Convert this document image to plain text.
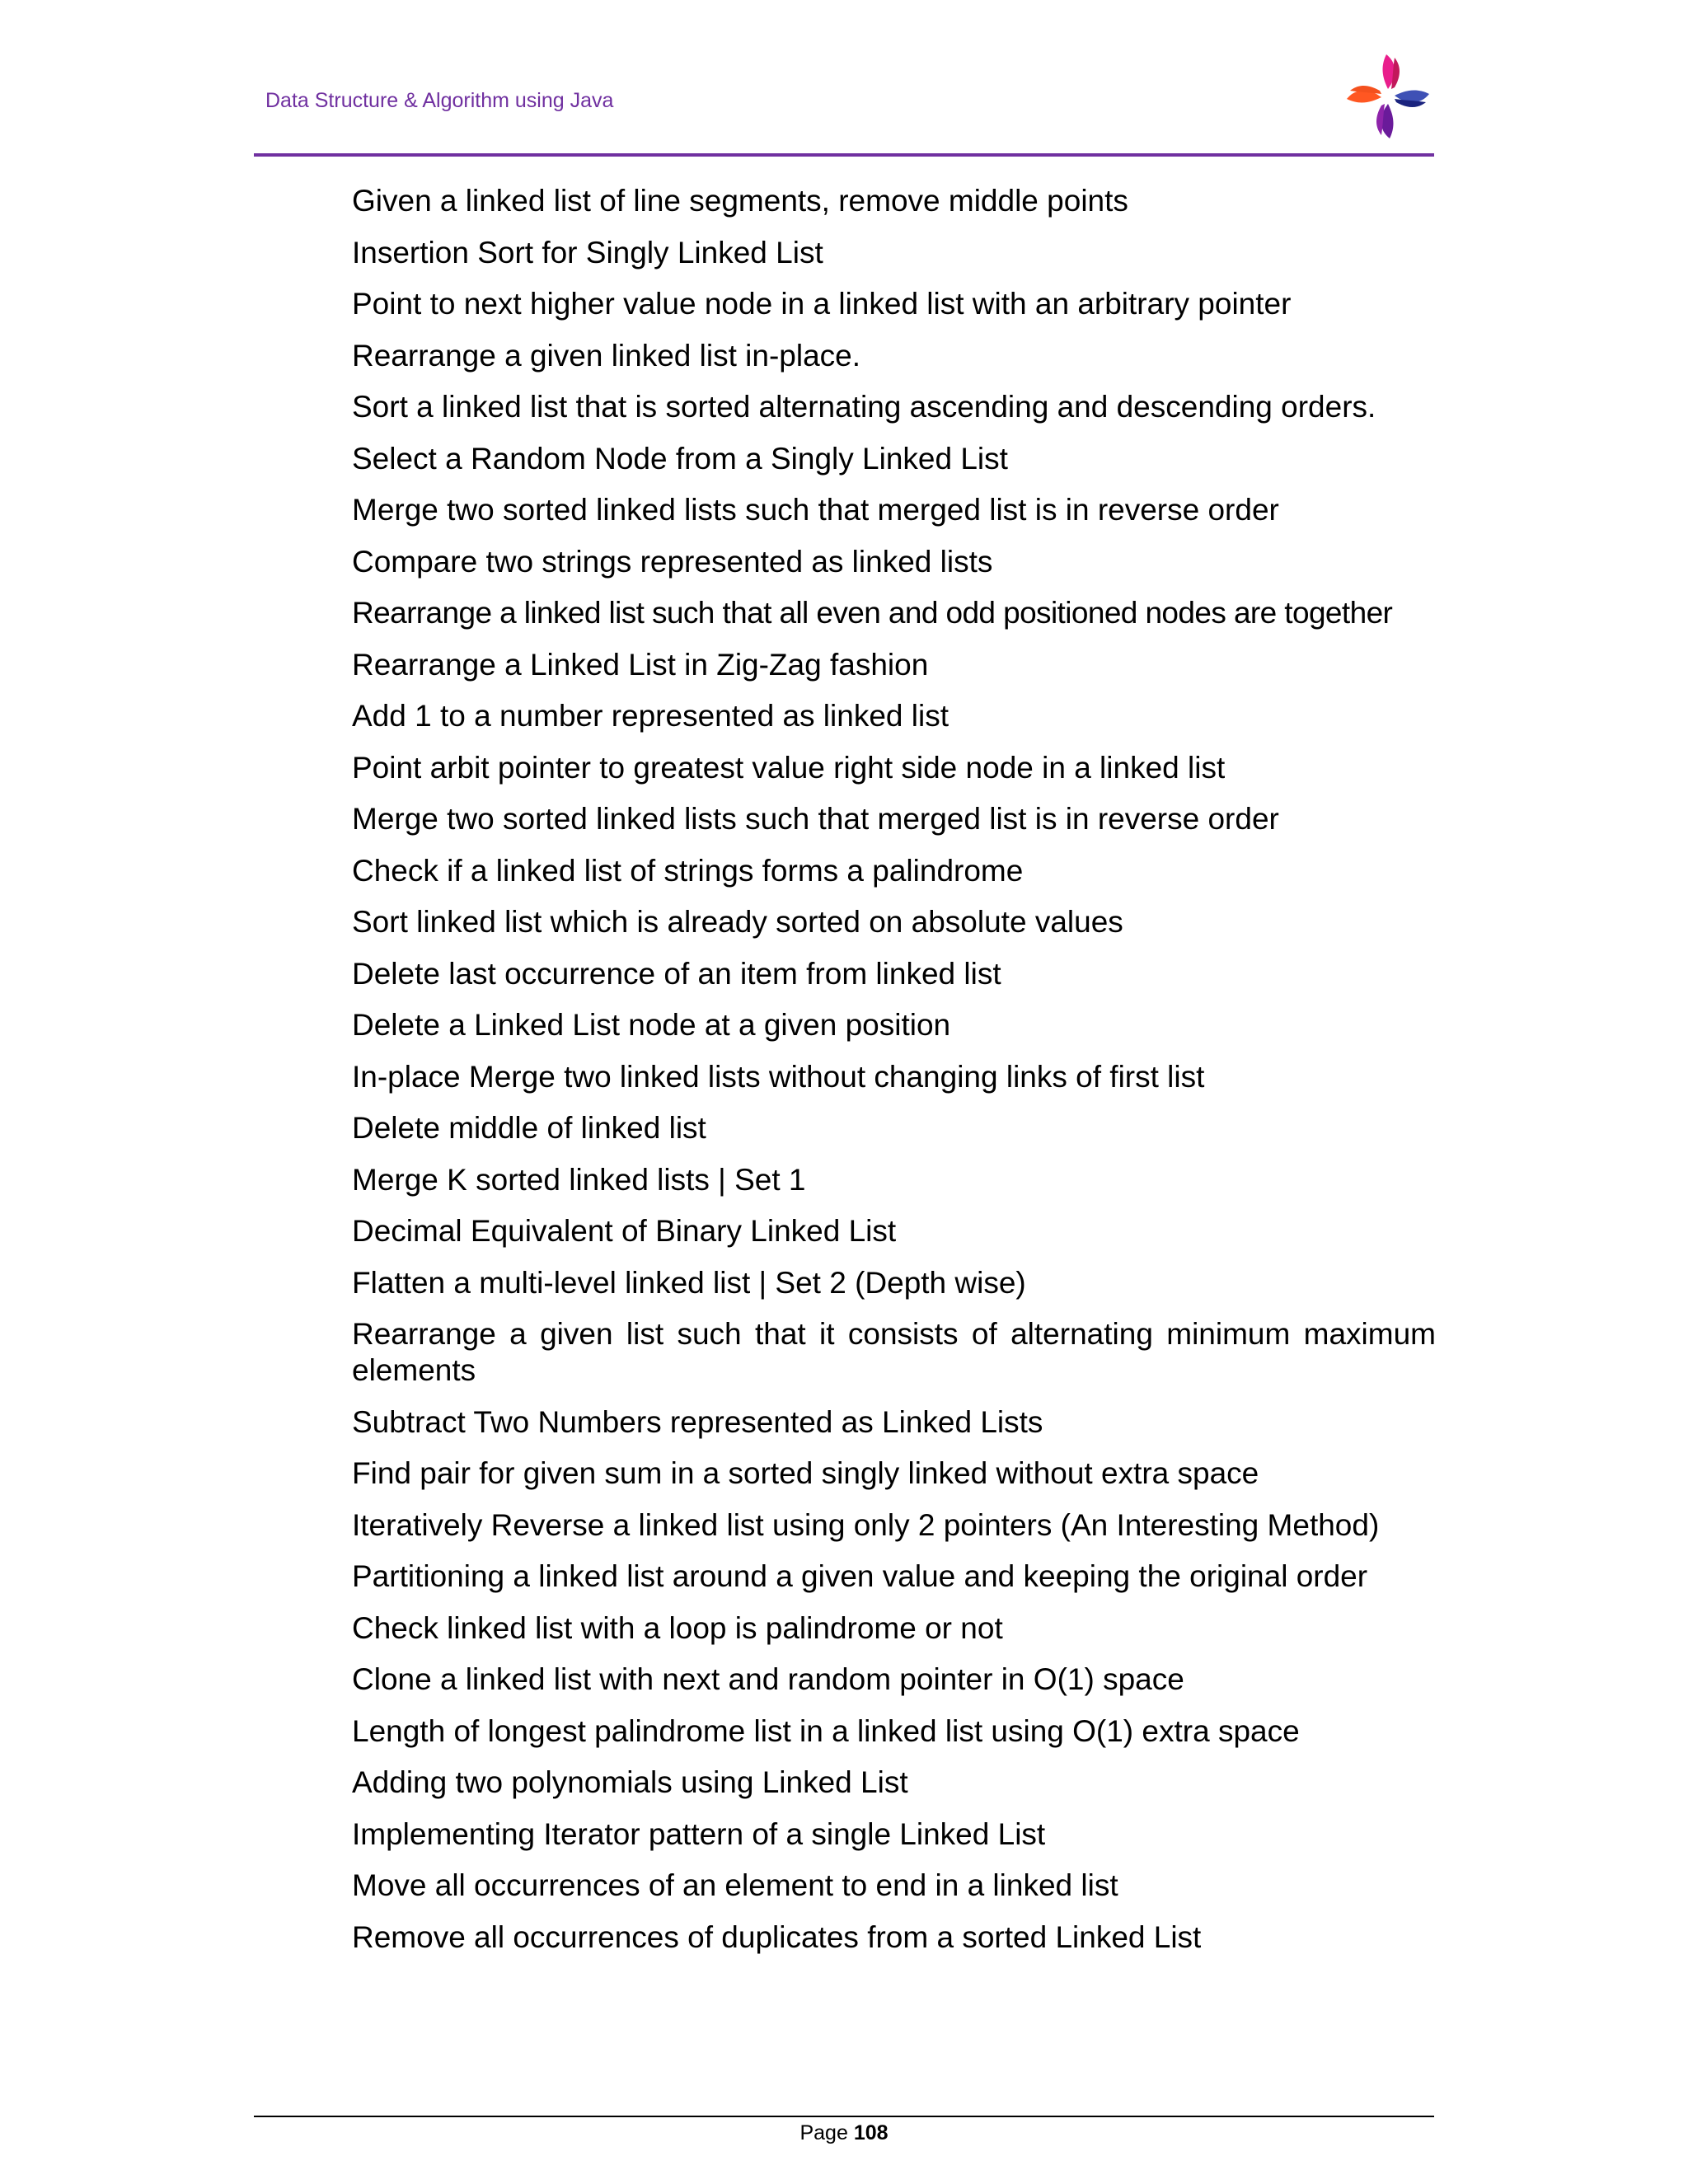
Data Structure & Algorithm using Java
Given a linked list of line segments, remove middle points
Insertion Sort for Singly Linked List
Point to next higher value node in a linked list with an arbitrary pointer
Rearrange a given linked list in-place.
Sort a linked list that is sorted alternating ascending and descending orders.
Select a Random Node from a Singly Linked List
Merge two sorted linked lists such that merged list is in reverse order
Compare two strings represented as linked lists
Rearrange a linked list such that all even and odd positioned nodes are together
Rearrange a Linked List in Zig-Zag fashion
Add 1 to a number represented as linked list
Point arbit pointer to greatest value right side node in a linked list
Merge two sorted linked lists such that merged list is in reverse order
Check if a linked list of strings forms a palindrome
Sort linked list which is already sorted on absolute values
Delete last occurrence of an item from linked list
Delete a Linked List node at a given position
In-place Merge two linked lists without changing links of first list
Delete middle of linked list
Merge K sorted linked lists | Set 1
Decimal Equivalent of Binary Linked List
Flatten a multi-level linked list | Set 2 (Depth wise)
Rearrange a given list such that it consists of alternating minimum maximum elements
Subtract Two Numbers represented as Linked Lists
Find pair for given sum in a sorted singly linked without extra space
Iteratively Reverse a linked list using only 2 pointers (An Interesting Method)
Partitioning a linked list around a given value and keeping the original order
Check linked list with a loop is palindrome or not
Clone a linked list with next and random pointer in O(1) space
Length of longest palindrome list in a linked list using O(1) extra space
Adding two polynomials using Linked List
Implementing Iterator pattern of a single Linked List
Move all occurrences of an element to end in a linked list
Remove all occurrences of duplicates from a sorted Linked List
Page 108
